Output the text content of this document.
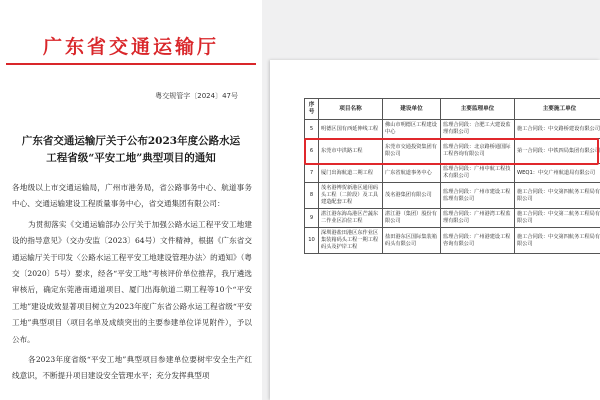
广东省交通运输厅
粤交规管字〔2024〕47号
广东省交通运输厅关于公布2023年度公路水运
工程省级“平安工地”典型项目的通知

各地级以上市交通运输局，广州市港务局，省公路事务中心、航道事务中心、交通运输建设工程质量事务中心，省交通集团有限公司：

为贯彻落实《交通运输部办公厅关于加强公路水运工程平安工地建设的指导意见》（交办安监〔2023〕64号）文件精神，根据《广东省交通运输厅关于印发〈公路水运工程平安工地建设管理办法〉的通知》（粤交〔2020〕5号）要求，经各“平安工地”考核评价单位推荐，我厅遴选审核后，确定东莞港南通道项目、厦门出海航道二期工程等10个“平安工地”建设成效显著项目树立为2023年度广东省公路水运工程省级“平安工地”典型项目（项目名单及成绩突出的主要参建单位详见附件），予以公布。

各2023年度省级“平安工地”典型项目参建单位要树牢安全生产红线意识，不断提升项目建设安全管理水平；充分发挥典型项

序号	项目名称	建设单位	主要监理单位	主要施工单位
5	明德区国有西延伸线工程	佛山市明德区工程建设中心	监理合同段：合肥工大建设监理有限公司	施工合同段：中交路桥建设有限公司
6	东莞市中洪路工程	东莞市交通投资集团有限公司	监理合同段：北京路桥通国际工程咨询有限公司	第一合同段：中铁四局集团有限公司
7	厦门出海航道二期工程	广东省航道事务中心	监理合同段：广州中航工程技术有限公司	WEQ1：中交广州航道局有限公司
8	茂名港博贺新港区通用码头工程（二阶段）及工具建造配套工程	茂名港集团有限公司	监理合同段：广州市建设工程监理有限公司	施工合同段：中交第四航务工程局有限公司
9	湛江港东海岛港区芒蔬东二作业区泊位工程	湛江港（集团）股份有限公司	监理合同段：广州港湾工程监理有限公司	施工合同段：中交第二航务工程局有限公司
10	深圳港盐田港区东作业区集装箱码头工程一期工程码头及护岸工程	盐田港东区国际集装箱码头有限公司	监理合同段：广州港建设工程咨询有限公司	施工合同段：中交第四航务工程局有限公司
